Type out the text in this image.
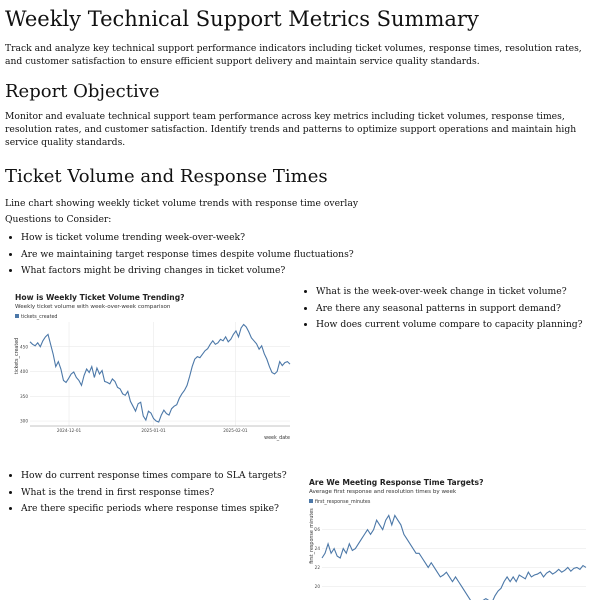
Weekly Technical Support Metrics Summary

Track and analyze key technical support performance indicators including ticket volumes, response times, resolution rates, and customer satisfaction to ensure efficient support delivery and maintain service quality standards.

Report Objective

Monitor and evaluate technical support team performance across key metrics including ticket volumes, response times, resolution rates, and customer satisfaction. Identify trends and patterns to optimize support operations and maintain high service quality standards.

Ticket Volume and Response Times

Line chart showing weekly ticket volume trends with response time overlay

Questions to Consider:

• How is ticket volume trending week-over-week?
• Are we maintaining target response times despite volume fluctuations?
• What factors might be driving changes in ticket volume?
How is Weekly Ticket Volume Trending?
Weekly ticket volume with week-over-week comparison
tickets_created
tickets_created
week_date
300
350
400
450
2024-12-01	2025-01-01	2025-02-01
• What is the week-over-week change in ticket volume?
• Are there any seasonal patterns in support demand?
• How does current volume compare to capacity planning?
• How do current response times compare to SLA targets?
• What is the trend in first response times?
• Are there specific periods where response times spike?
Are We Meeting Response Time Targets?
Average first response and resolution times by week
first_response_minutes
first_response_minutes
20
22
24
26
